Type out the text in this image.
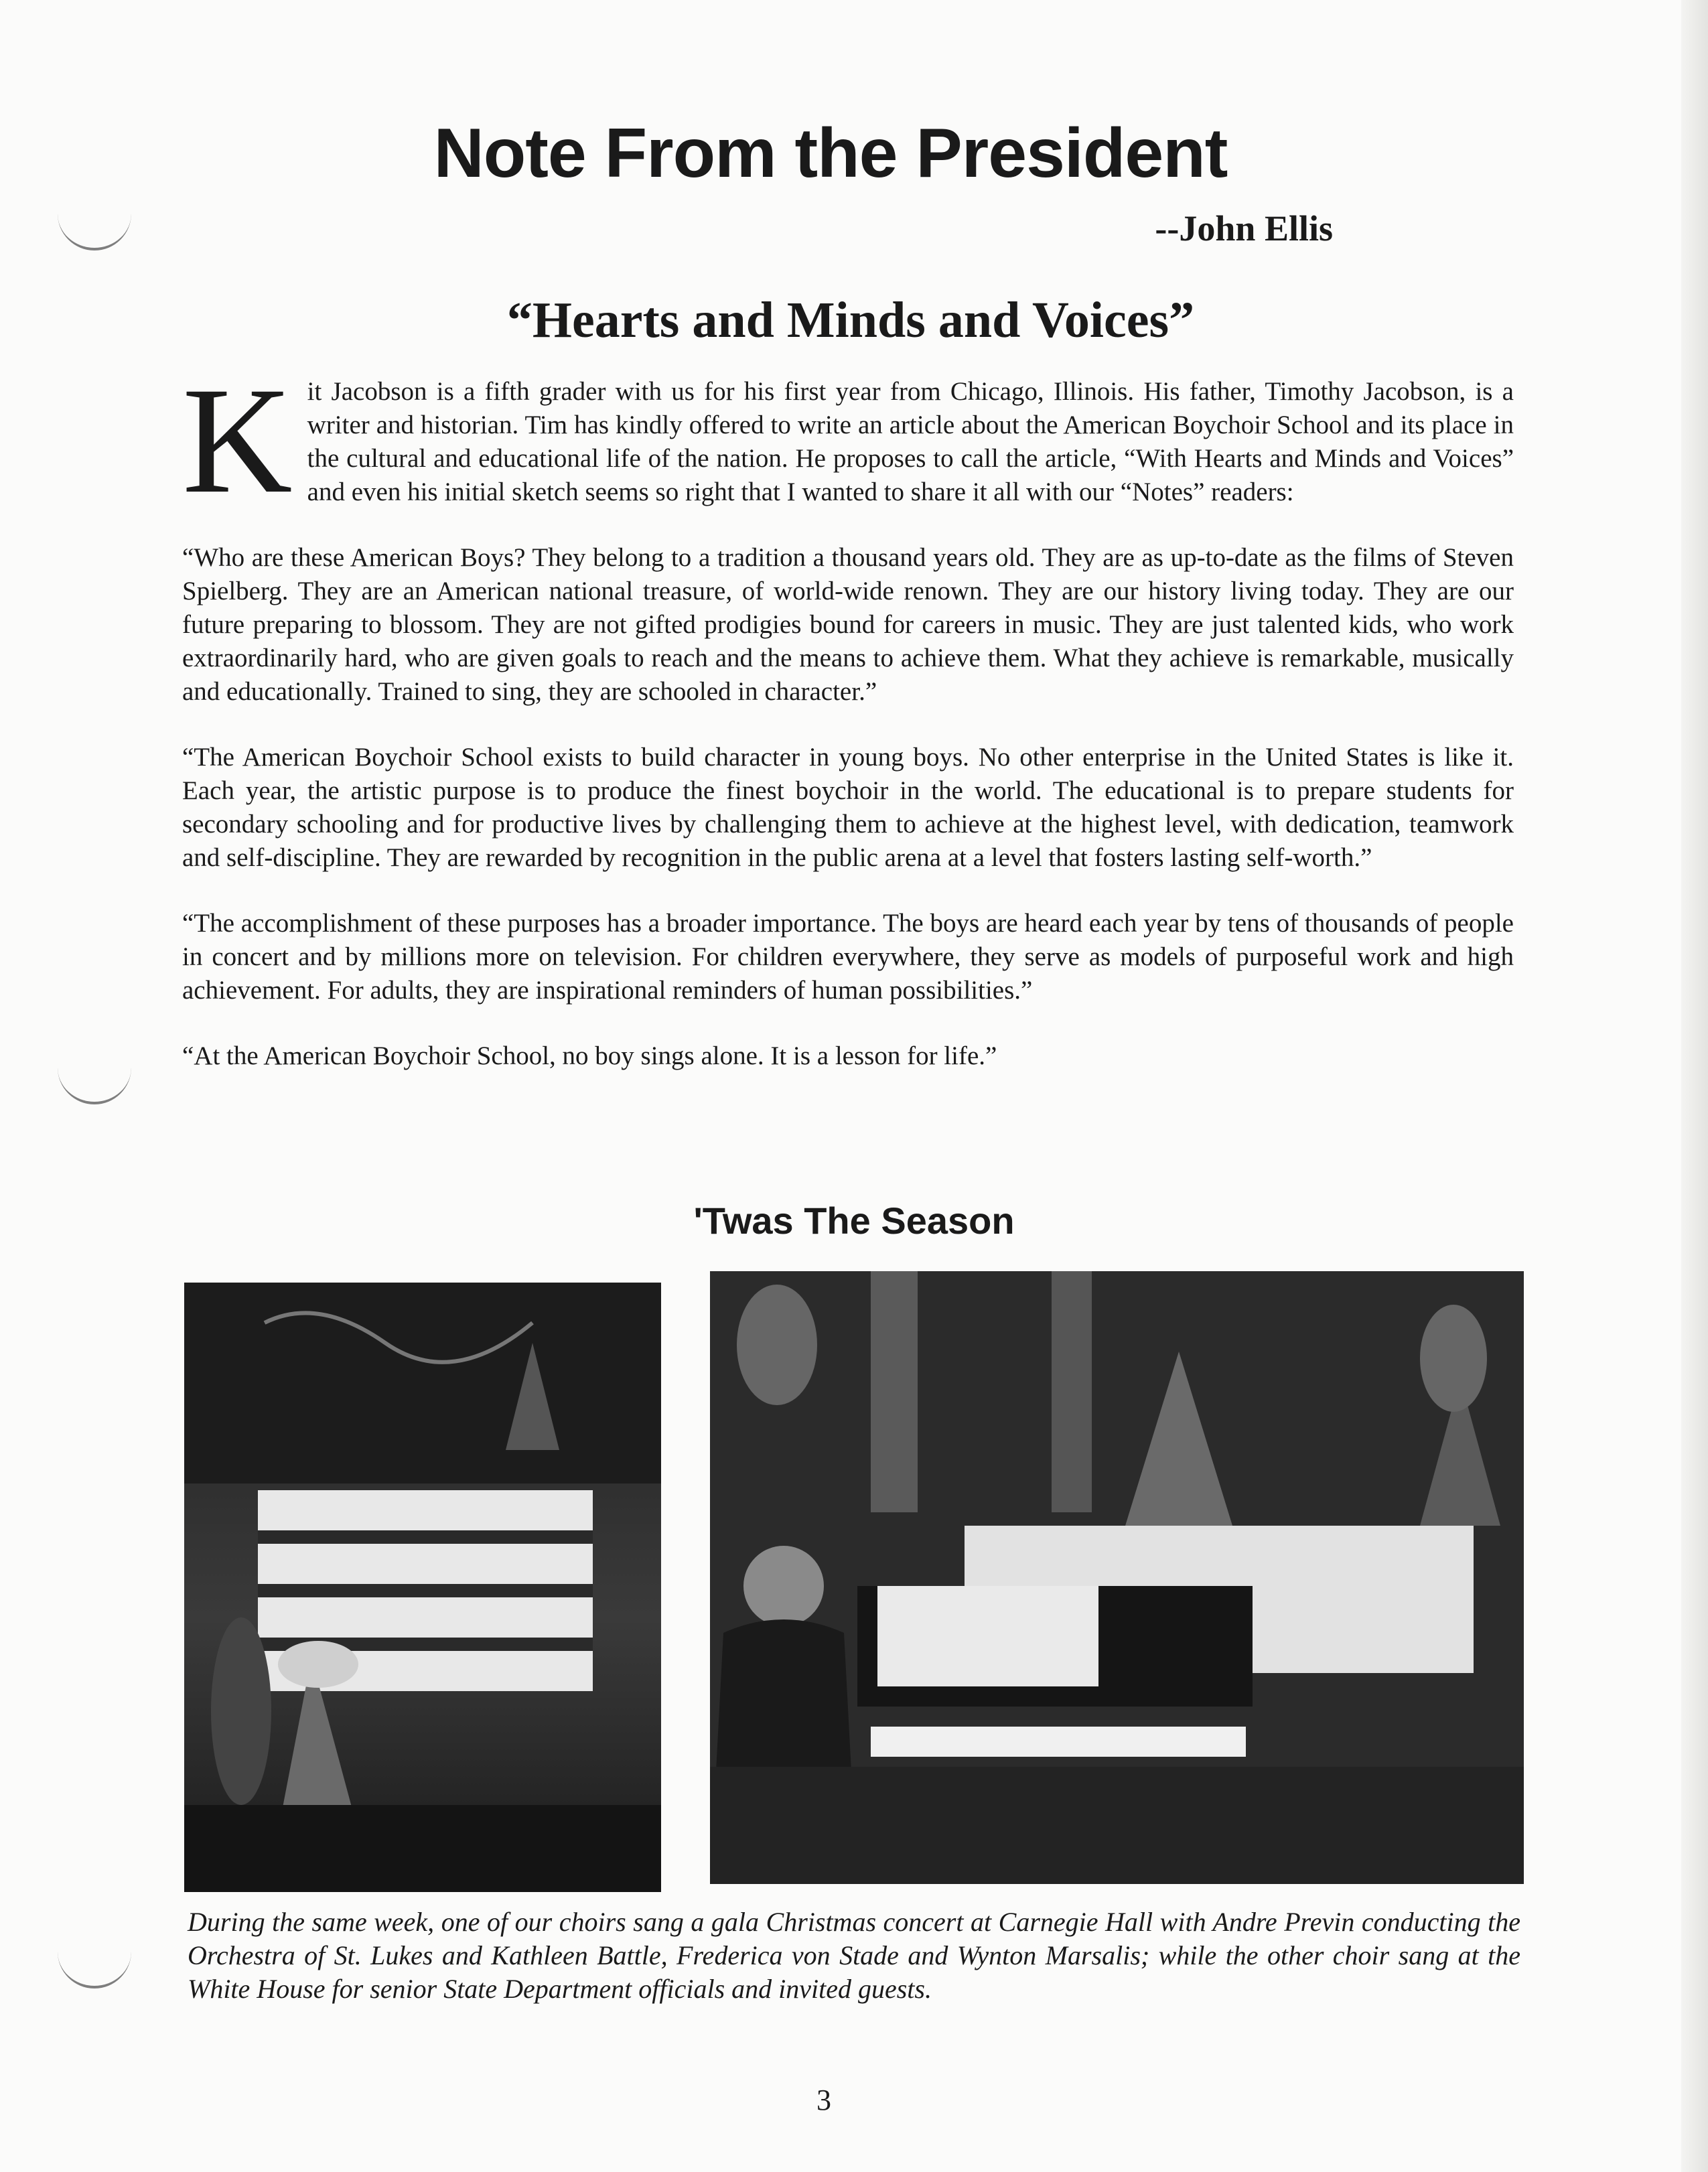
Note From the President
--John Ellis
“Hearts and Minds and Voices”

Kit Jacobson is a fifth grader with us for his first year from Chicago, Illinois. His father, Timothy Jacobson, is a writer and historian. Tim has kindly offered to write an article about the American Boychoir School and its place in the cultural and educational life of the nation. He proposes to call the article, “With Hearts and Minds and Voices” and even his initial sketch seems so right that I wanted to share it all with our “Notes” readers:

“Who are these American Boys? They belong to a tradition a thousand years old. They are as up-to-date as the films of Steven Spielberg. They are an American national treasure, of world-wide renown. They are our history living today. They are our future preparing to blossom. They are not gifted prodigies bound for careers in music. They are just talented kids, who work extraordinarily hard, who are given goals to reach and the means to achieve them. What they achieve is remarkable, musically and educationally. Trained to sing, they are schooled in character.”

“The American Boychoir School exists to build character in young boys. No other enterprise in the United States is like it. Each year, the artistic purpose is to produce the finest boychoir in the world. The educational is to prepare students for secondary schooling and for productive lives by challenging them to achieve at the highest level, with dedication, teamwork and self-discipline. They are rewarded by recognition in the public arena at a level that fosters lasting self-worth.”

“The accomplishment of these purposes has a broader importance. The boys are heard each year by tens of thousands of people in concert and by millions more on television. For children everywhere, they serve as models of purposeful work and high achievement. For adults, they are inspirational reminders of human possibilities.”

“At the American Boychoir School, no boy sings alone. It is a lesson for life.”

'Twas The Season
During the same week, one of our choirs sang a gala Christmas concert at Carnegie Hall with Andre Previn conducting the Orchestra of St. Lukes and Kathleen Battle, Frederica von Stade and Wynton Marsalis; while the other choir sang at the White House for senior State Department officials and invited guests.
3
